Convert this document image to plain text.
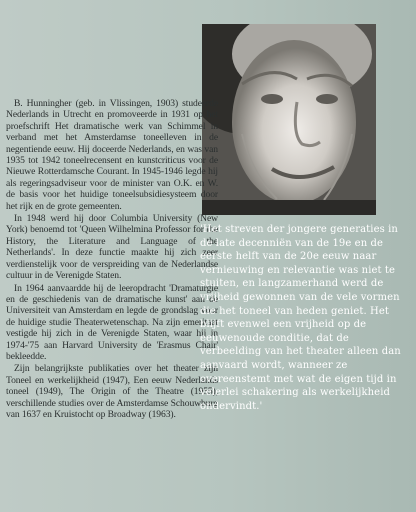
B. Hunningher (geb. in Vlissingen, 1903) studeerde Nederlands in Utrecht en promoveerde in 1931 op het proefschrift Het dramatische werk van Schimmel in verband met het Amsterdamse toneelleven in de negentiende eeuw. Hij doceerde Nederlands, en was van 1935 tot 1942 toneelrecensent en kunstcriticus voor de Nieuwe Rotterdamsche Courant. In 1945-1946 legde hij als regeringsadviseur voor de minister van O.K. en W. de basis voor het huidige toneelsubsidiesysteem door het rijk en de grote gemeenten.

In 1948 werd hij door Columbia University (New York) benoemd tot 'Queen Wilhelmina Professor for the History, the Literature and Language of the Netherlands'. In deze functie maakte hij zich zeer verdienstelijk voor de verspreiding van de Nederlandse cultuur in de Verenigde Staten.

In 1964 aanvaardde hij de leeropdracht 'Dramaturgie en de geschiedenis van de dramatische kunst' aan de Universiteit van Amsterdam en legde de grondslag voor de huidige studie Theaterwetenschap. Na zijn emeritaat vestigde hij zich in de Verenigde Staten, waar hij in 1974-'75 aan Harvard University de 'Erasmus Chair' bekleedde.

Zijn belangrijkste publikaties over het theater zijn Toneel en werkelijkheid (1947), Een eeuw Nederlands toneel (1949), The Origin of the Theatre (1955), verschillende studies over de Amsterdamse Schouwburg van 1637 en Kruistocht op Broadway (1963).

'Het streven der jongere generaties in de late decenniën van de 19e en de eerste helft van de 20e eeuw naar vernieuwing en relevantie was niet te stuiten, en langzamerhand werd de vrijheid gewonnen van de vele vormen die het toneel van heden geniet. Het blijft evenwel een vrijheid op de eeuwenoude conditie, dat de verbeelding van het theater alleen dan aanvaard wordt, wanneer ze overeenstemt met wat de eigen tijd in velerlei schakering als werkelijkheid ondervindt.'
